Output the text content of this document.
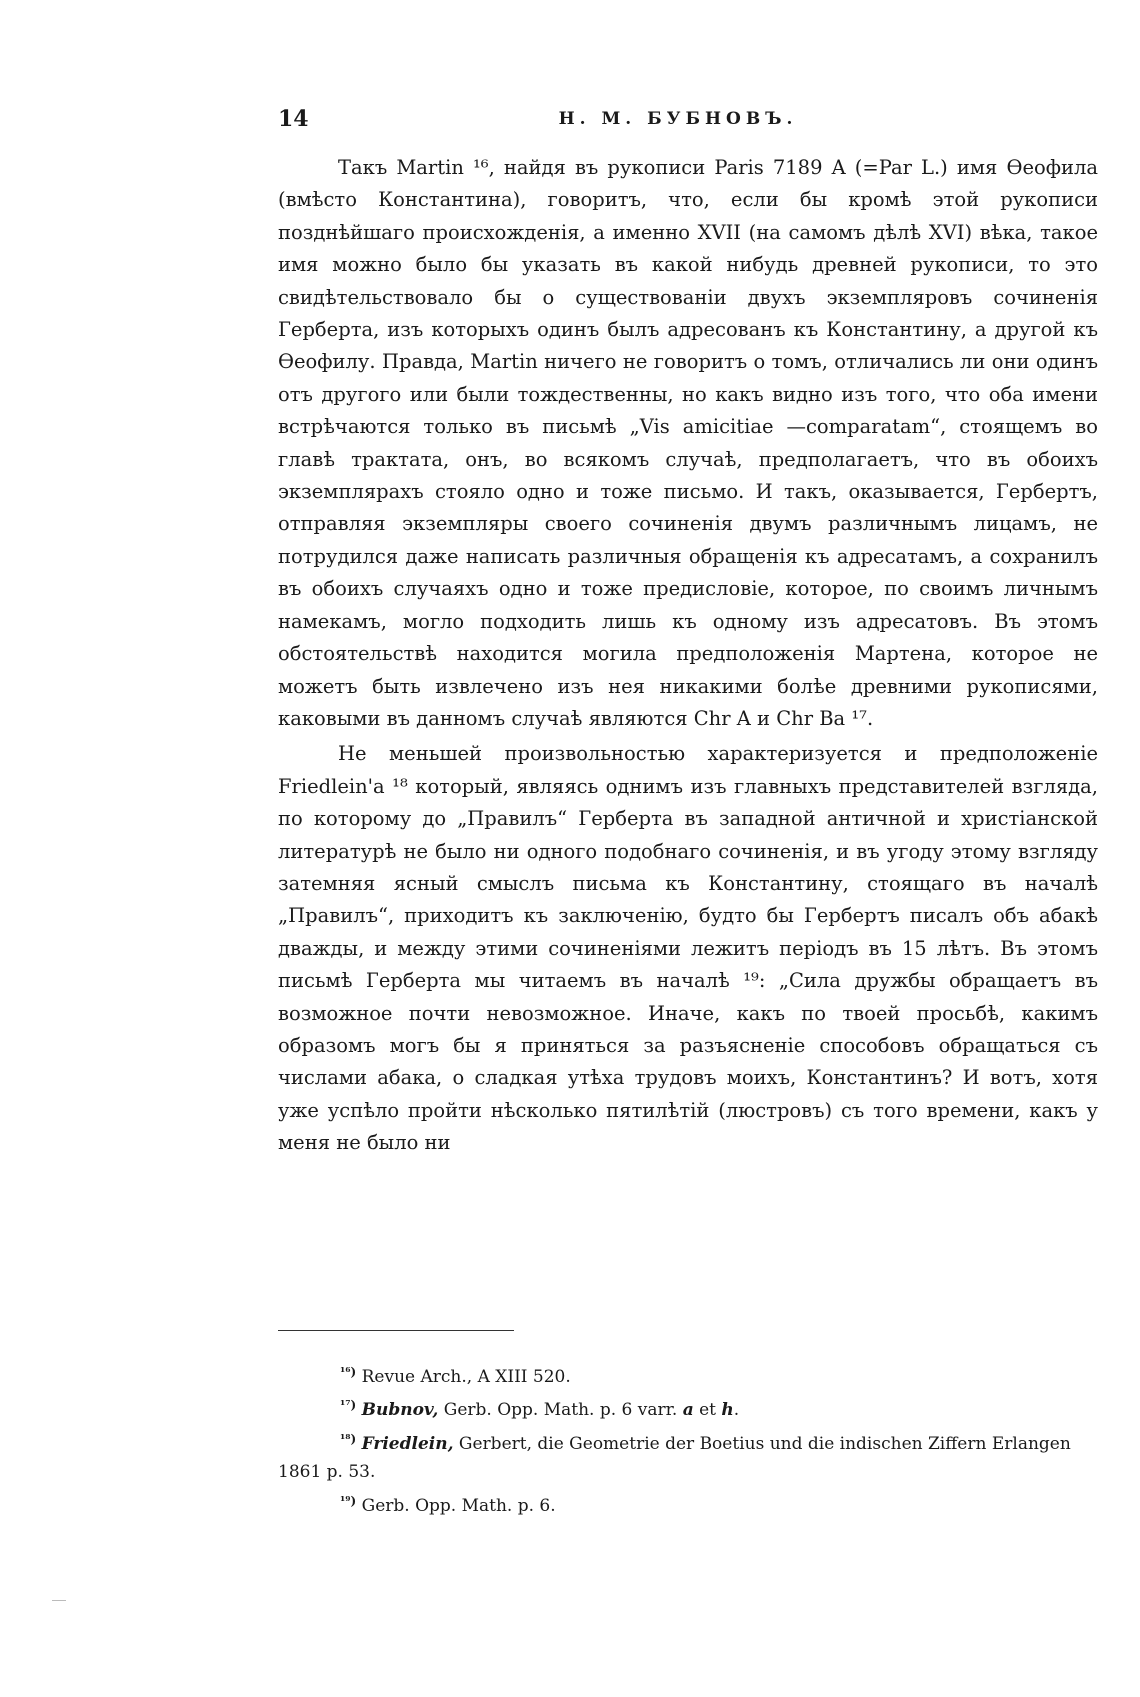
14	Н. М. БУБНОВЪ.

Такъ Martin ¹⁶, найдя въ рукописи Paris 7189 A (=Par L.) имя Өеофила (вмѣсто Константина), говоритъ, что, если бы кромѣ этой рукописи позднѣйшаго происхожденія, а именно XVII (на самомъ дѣлѣ XVI) вѣка, такое имя можно было бы указать въ какой нибудь древней рукописи, то это свидѣтельствовало бы о существованіи двухъ экземпляровъ сочиненія Герберта, изъ которыхъ одинъ былъ адресованъ къ Константину, а другой къ Өеофилу. Правда, Martin ничего не говоритъ о томъ, отличались ли они одинъ отъ другого или были тождественны, но какъ видно изъ того, что оба имени встрѣчаются только въ письмѣ „Vis amicitiae —comparatam“, стоящемъ во главѣ трактата, онъ, во всякомъ случаѣ, предполагаетъ, что въ обоихъ экземплярахъ стояло одно и тоже письмо. И такъ, оказывается, Гербертъ, отправляя экземпляры своего сочиненія двумъ различнымъ лицамъ, не потрудился даже написать различныя обращенія къ адресатамъ, а сохранилъ въ обоихъ случаяхъ одно и тоже предисловіе, которое, по своимъ личнымъ намекамъ, могло подходить лишь къ одному изъ адресатовъ. Въ этомъ обстоятельствѣ находится могила предположенія Мартена, которое не можетъ быть извлечено изъ нея никакими болѣе древними рукописями, каковыми въ данномъ случаѣ являются Chr A и Chr Ba ¹⁷.

Не меньшей произвольностью характеризуется и предположеніе Friedlein'a ¹⁸ который, являясь однимъ изъ главныхъ представителей взгляда, по которому до „Правилъ“ Герберта въ западной античной и христіанской литературѣ не было ни одного подобнаго сочиненія, и въ угоду этому взгляду затемняя ясный смыслъ письма къ Константину, стоящаго въ началѣ „Правилъ“, приходитъ къ заключенію, будто бы Гербертъ писалъ объ абакѣ дважды, и между этими сочиненіями лежитъ періодъ въ 15 лѣтъ. Въ этомъ письмѣ Герберта мы читаемъ въ началѣ ¹⁹: „Сила дружбы обращаетъ въ возможное почти невозможное. Иначе, какъ по твоей просьбѣ, какимъ образомъ могъ бы я приняться за разъясненіе способовъ обращаться съ числами абака, о сладкая утѣха трудовъ моихъ, Константинъ? И вотъ, хотя уже успѣло пройти нѣсколько пятилѣтій (люстровъ) съ того времени, какъ у меня не было ни

$^{^{16})}$ Revue Arch., A XIII 520.

$^{^{17})}$ Bubnov, Gerb. Opp. Math. p. 6 varr. a et h.

$^{^{18})}$ Friedlein, Gerbert, die Geometrie der Boetius und die indischen Ziffern Erlangen 1861 p. 53.

$^{^{19})}$ Gerb. Opp. Math. p. 6.
